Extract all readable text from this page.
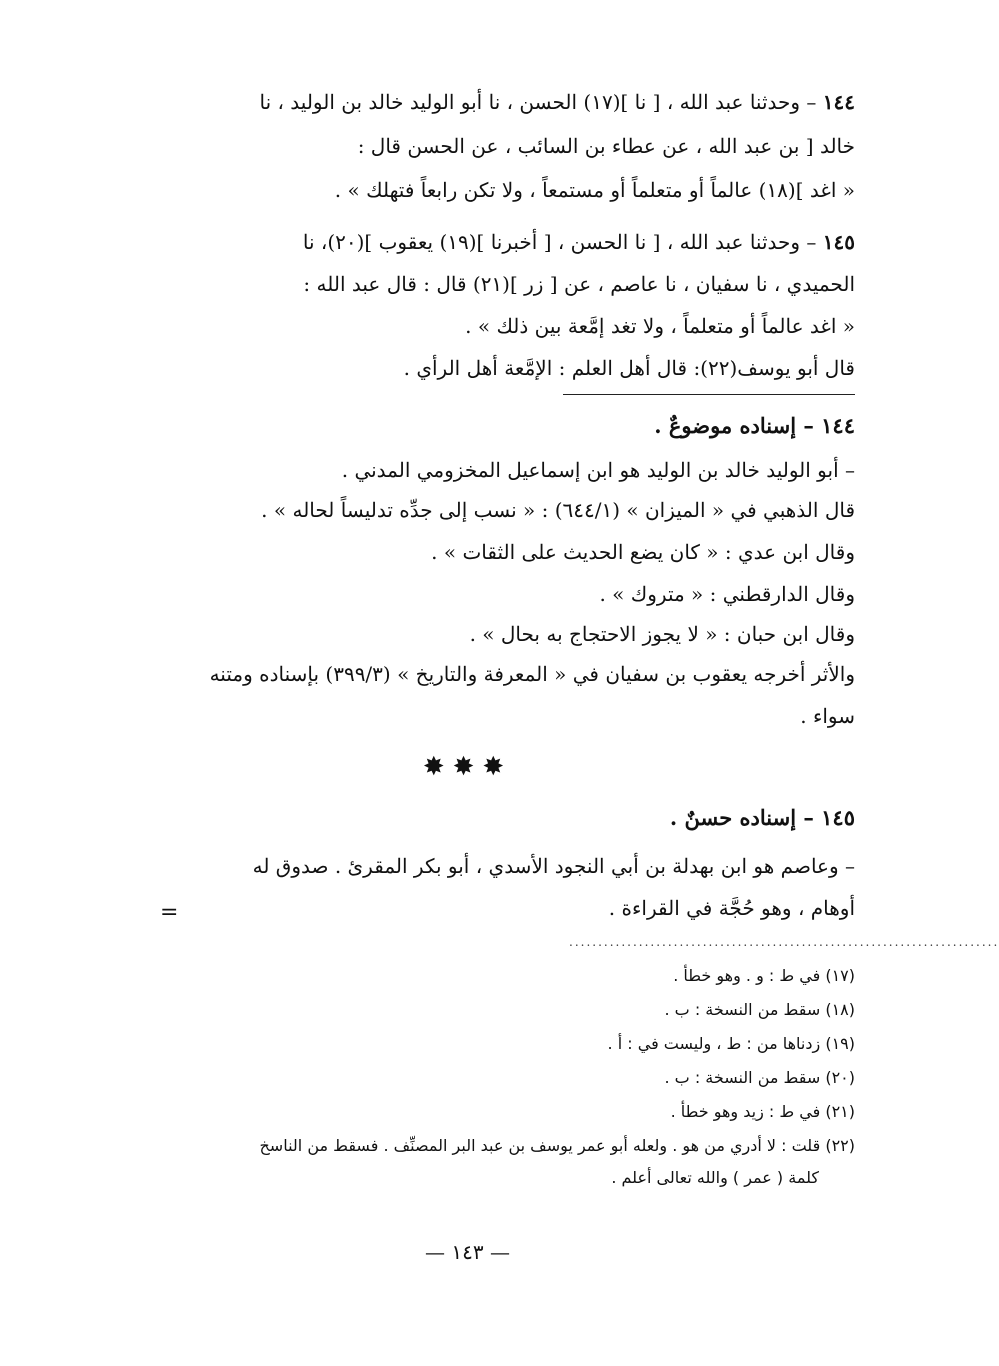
١٤٤ – وحدثنا عبد الله ، [ نا ](١٧) الحسن ، نا أبو الوليد خالد بن الوليد ، نا
خالد [ بن عبد الله ، عن عطاء بن السائب ، عن الحسن قال :
« اغد ](١٨) عالماً أو متعلماً أو مستمعاً ، ولا تكن رابعاً فتهلك » .
١٤٥ – وحدثنا عبد الله ، [ نا الحسن ، [ أخبرنا ](١٩) يعقوب ](٢٠)، نا
الحميدي ، نا سفيان ، نا عاصم ، عن [ زر ](٢١) قال : قال عبد الله :
« اغد عالماً أو متعلماً ، ولا تغد إمَّعة بين ذلك » .
قال أبو يوسف(٢٢): قال أهل العلم : الإمَّعة أهل الرأي .
١٤٤ – إسناده موضوعٌ .
– أبو الوليد خالد بن الوليد هو ابن إسماعيل المخزومي المدني .
قال الذهبي في « الميزان » (٦٤٤/١) : « نسب إلى جدِّه تدليساً لحاله » .
وقال ابن عدي : « كان يضع الحديث على الثقات » .
وقال الدارقطني : « متروك » .
وقال ابن حبان : « لا يجوز الاحتجاج به بحال » .
والأثر أخرجه يعقوب بن سفيان في « المعرفة والتاريخ » (٣٩٩/٣) بإسناده ومتنه
سواء .
✸✸✸
١٤٥ – إسناده حسنٌ .
– وعاصم هو ابن بهدلة بن أبي النجود الأسدي ، أبو بكر المقرئ . صدوق له
أوهام ، وهو حُجَّة في القراءة .
=
..........................................................................
(١٧) في ط : و . وهو خطأ .
(١٨) سقط من النسخة : ب .
(١٩) زدناها من : ط ، وليست في : أ .
(٢٠) سقط من النسخة : ب .
(٢١) في ط : زيد وهو خطأ .
(٢٢) قلت : لا أدري من هو . ولعله أبو عمر يوسف بن عبد البر المصنِّف . فسقط من الناسخ
كلمة ( عمر ) والله تعالى أعلم .
— ١٤٣ —
